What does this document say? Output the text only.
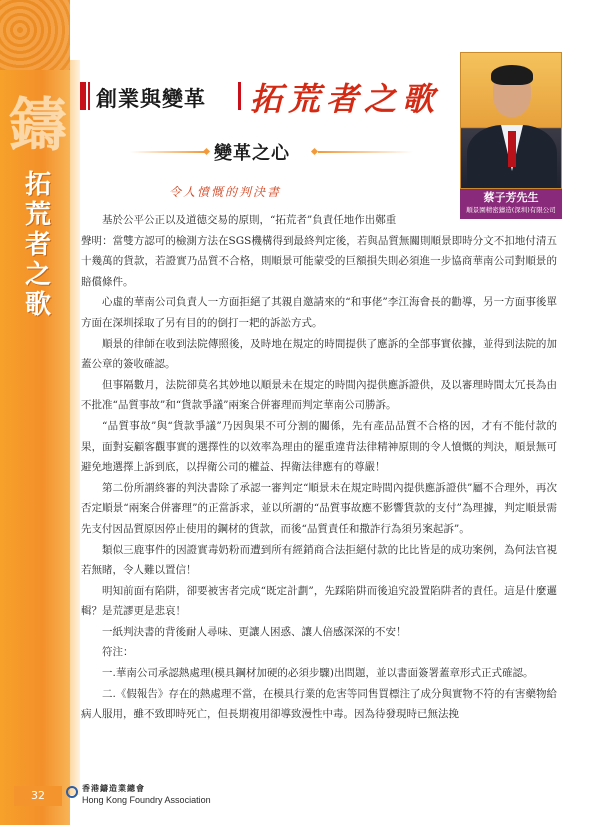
鑄
拓
荒
者
之
歌
創業與變革 拓荒者之歌
蔡子芳先生
順景園精密鑄造(深圳)有限公司
變革之心
令人憤慨的判決書

基於公平公正以及道德交易的原則，“拓荒者”負責任地作出鄭重

聲明：當雙方認可的檢測方法在SGS機構得到最終判定後，若與品質無關則順景即時分文不扣地付清五十幾萬的貨款，若證實乃品質不合格，則順景可能蒙受的巨額損失則必須進一步協商華南公司對順景的賠償條件。

心虛的華南公司負責人一方面拒絕了其親自邀請來的“和事佬”李江海會長的勸導，另一方面事後單方面在深圳採取了另有目的的倒打一耙的訴訟方式。

順景的律師在收到法院傳照後，及時地在規定的時間提供了應訴的全部事實依據，並得到法院的加蓋公章的簽收確認。

但事隔數月，法院卻莫名其妙地以順景未在規定的時間內提供應訴證供，及以審理時間太冗長為由不批准“品質事故”和“貨款爭議”兩案合併審理而判定華南公司勝訴。

“品質事故”與“貨款爭議”乃因與果不可分割的關係，先有產品品質不合格的因，才有不能付款的果，面對妄顧客觀事實的選擇性的以效率為理由的罷重違背法律精神原則的令人憤慨的判決，順景無可避免地選擇上訴到底，以捍衛公司的權益、捍衛法律應有的尊嚴！

第二份所謂終審的判決書除了承認一審判定“順景未在規定時間內提供應訴證供”屬不合理外，再次否定順景“兩案合併審理”的正當訴求，並以所謂的“品質事故應不影響貨款的支付”為理據，判定順景需先支付因品質原因停止使用的鋼材的貨款，而後“品質責任和撒詐行為須另案起訴”。

類似三鹿事件的因證實毒奶粉而遭到所有經銷商合法拒絕付款的比比皆是的成功案例，為何法官視若無睹，令人難以置信！

明知前面有陷阱，卻要被害者完成“既定計劃”，先踩陷阱而後追究設置陷阱者的責任。這是什麼邏輯？是荒謬更是悲哀！

一紙判決書的背後耐人尋味、更讓人困惑、讓人倍感深深的不安！

符注：

一.華南公司承認熱處理(模具鋼材加硬的必須步驟)出問題，並以書面簽署蓋章形式正式確認。

二.《假報告》存在的熱處理不當，在模具行業的危害等同售買標注了成分與實物不符的有害藥物給病人服用，雖不致即時死亡，但長期複用卻導致漫性中毒。因為待發現時已無法挽

32
香港鑄造業總會
Hong Kong Foundry Association
